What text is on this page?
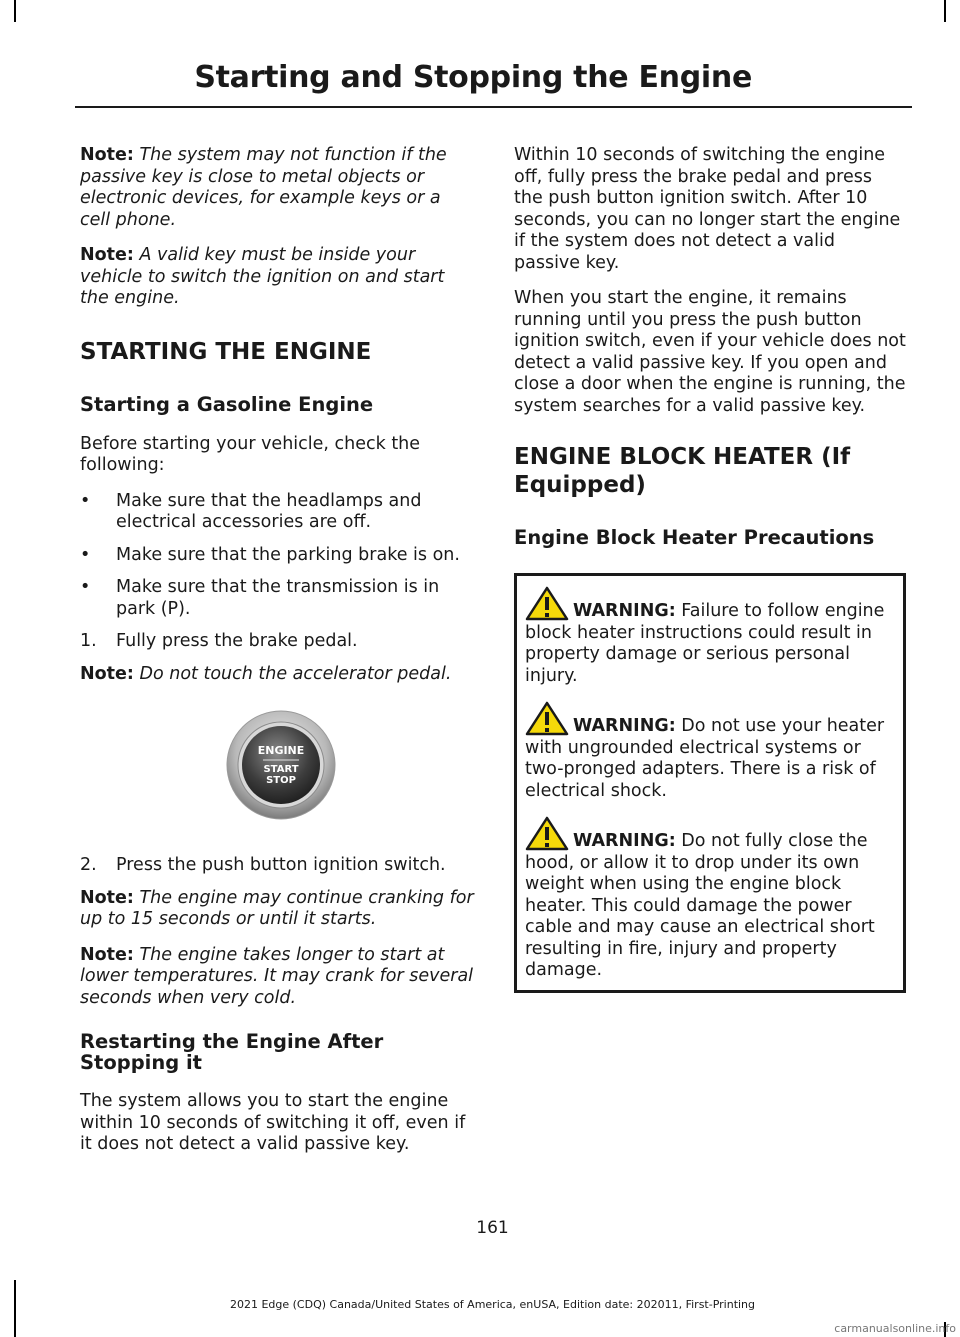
Starting and Stopping the Engine

Note: The system may not function if the passive key is close to metal objects or electronic devices, for example keys or a cell phone.

Note: A valid key must be inside your vehicle to switch the ignition on and start the engine.

STARTING THE ENGINE
Starting a Gasoline Engine

Before starting your vehicle, check the following:

•	Make sure that the headlamps and electrical accessories are off.
•	Make sure that the parking brake is on.
•	Make sure that the transmission is in park (P).
1.	Fully press the brake pedal.

Note: Do not touch the accelerator pedal.

ENGINE
START
STOP
2.	Press the push button ignition switch.

Note: The engine may continue cranking for up to 15 seconds or until it starts.

Note: The engine takes longer to start at lower temperatures. It may crank for several seconds when very cold.

Restarting the Engine After Stopping it

The system allows you to start the engine within 10 seconds of switching it off, even if it does not detect a valid passive key.

Within 10 seconds of switching the engine off, fully press the brake pedal and press the push button ignition switch. After 10 seconds, you can no longer start the engine if the system does not detect a valid passive key.

When you start the engine, it remains running until you press the push button ignition switch, even if your vehicle does not detect a valid passive key. If you open and close a door when the engine is running, the system searches for a valid passive key.

ENGINE BLOCK HEATER (If Equipped)
Engine Block Heater Precautions

WARNING: Failure to follow engine block heater instructions could result in property damage or serious personal injury.

WARNING: Do not use your heater with ungrounded electrical systems or two-pronged adapters. There is a risk of electrical shock.

WARNING: Do not fully close the hood, or allow it to drop under its own weight when using the engine block heater. This could damage the power cable and may cause an electrical short resulting in fire, injury and property damage.

161
2021 Edge (CDQ) Canada/United States of America, enUSA, Edition date: 202011, First-Printing
carmanualsonline.info
